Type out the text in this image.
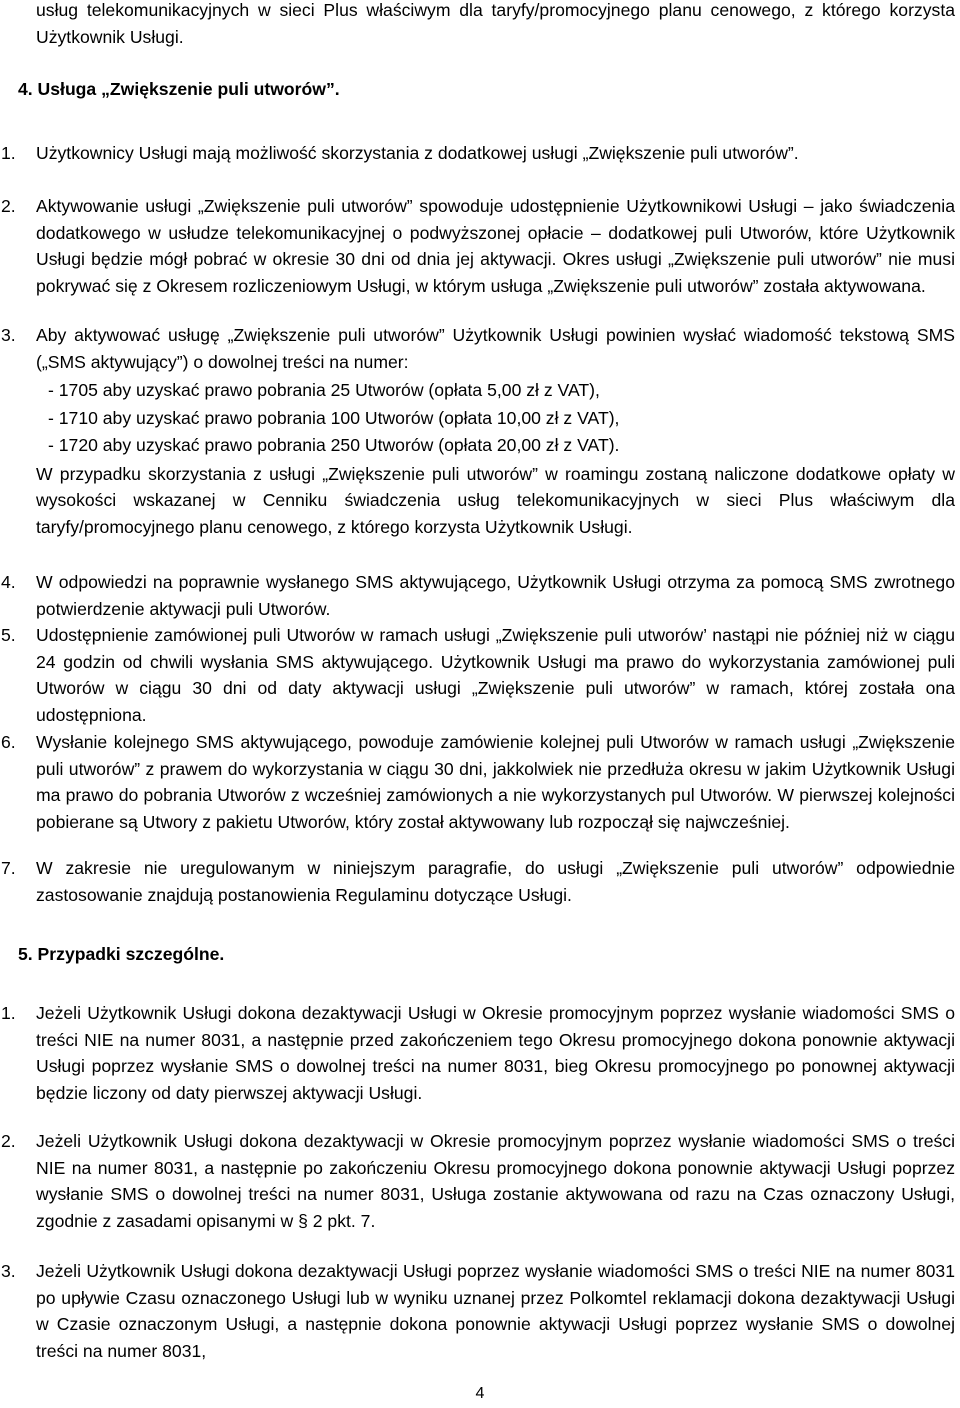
usług telekomunikacyjnych w sieci Plus właściwym dla taryfy/promocyjnego planu cenowego, z którego korzysta Użytkownik Usługi.
4. Usługa „Zwiększenie puli utworów”.
1.	Użytkownicy Usługi mają możliwość skorzystania z dodatkowej usługi „Zwiększenie puli utworów”.
2.	Aktywowanie usługi „Zwiększenie puli utworów” spowoduje udostępnienie Użytkownikowi Usługi – jako świadczenia dodatkowego w usłudze telekomunikacyjnej o podwyższonej opłacie – dodatkowej puli Utworów, które Użytkownik Usługi będzie mógł pobrać w okresie 30 dni od dnia jej aktywacji. Okres usługi „Zwiększenie puli utworów” nie musi pokrywać się z Okresem rozliczeniowym Usługi, w którym usługa „Zwiększenie puli utworów” została aktywowana.
3.	Aby aktywować usługę „Zwiększenie puli utworów” Użytkownik Usługi powinien wysłać wiadomość tekstową SMS („SMS aktywujący”) o dowolnej treści na numer:
- 1705 aby uzyskać prawo pobrania 25 Utworów (opłata 5,00 zł z VAT),
- 1710 aby uzyskać prawo pobrania 100 Utworów (opłata 10,00 zł z VAT),
- 1720 aby uzyskać prawo pobrania 250 Utworów (opłata 20,00 zł z VAT).
W przypadku skorzystania z usługi „Zwiększenie puli utworów” w roamingu zostaną naliczone dodatkowe opłaty w wysokości wskazanej w Cenniku świadczenia usług telekomunikacyjnych w sieci Plus właściwym dla taryfy/promocyjnego planu cenowego, z którego korzysta Użytkownik Usługi.
4.	W odpowiedzi na poprawnie wysłanego SMS aktywującego, Użytkownik Usługi otrzyma za pomocą SMS zwrotnego potwierdzenie aktywacji puli Utworów.
5.	Udostępnienie zamówionej puli Utworów w ramach usługi „Zwiększenie puli utworów’ nastąpi nie później niż w ciągu 24 godzin od chwili wysłania SMS aktywującego. Użytkownik Usługi ma prawo do wykorzystania zamówionej puli Utworów w ciągu 30 dni od daty aktywacji usługi „Zwiększenie puli utworów” w ramach, której została ona udostępniona.
6.	Wysłanie kolejnego SMS aktywującego, powoduje zamówienie kolejnej puli Utworów w ramach usługi „Zwiększenie puli utworów” z prawem do wykorzystania w ciągu 30 dni, jakkolwiek nie przedłuża okresu w jakim Użytkownik Usługi ma prawo do pobrania Utworów z wcześniej zamówionych a nie wykorzystanych pul Utworów. W pierwszej kolejności pobierane są Utwory z pakietu Utworów, który został aktywowany lub rozpoczął się najwcześniej.
7.	W zakresie nie uregulowanym w niniejszym paragrafie, do usługi „Zwiększenie puli utworów” odpowiednie zastosowanie znajdują postanowienia Regulaminu dotyczące Usługi.
5. Przypadki szczególne.
1.	Jeżeli Użytkownik Usługi dokona dezaktywacji Usługi w Okresie promocyjnym poprzez wysłanie wiadomości SMS o treści NIE na numer 8031, a następnie przed zakończeniem tego Okresu promocyjnego dokona ponownie aktywacji Usługi poprzez wysłanie SMS o dowolnej treści na numer 8031, bieg Okresu promocyjnego po ponownej aktywacji będzie liczony od daty pierwszej aktywacji Usługi.
2.	Jeżeli Użytkownik Usługi dokona dezaktywacji w Okresie promocyjnym poprzez wysłanie wiadomości SMS o treści NIE na numer 8031, a następnie po zakończeniu Okresu promocyjnego dokona ponownie aktywacji Usługi poprzez wysłanie SMS o dowolnej treści na numer 8031, Usługa zostanie aktywowana od razu na Czas oznaczony Usługi, zgodnie z zasadami opisanymi w § 2 pkt. 7.
3.	Jeżeli Użytkownik Usługi dokona dezaktywacji Usługi poprzez wysłanie wiadomości SMS o treści NIE na numer 8031 po upływie Czasu oznaczonego Usługi lub w wyniku uznanej przez Polkomtel reklamacji dokona dezaktywacji Usługi w Czasie oznaczonym Usługi, a następnie dokona ponownie aktywacji Usługi poprzez wysłanie SMS o dowolnej treści na numer 8031,
4
